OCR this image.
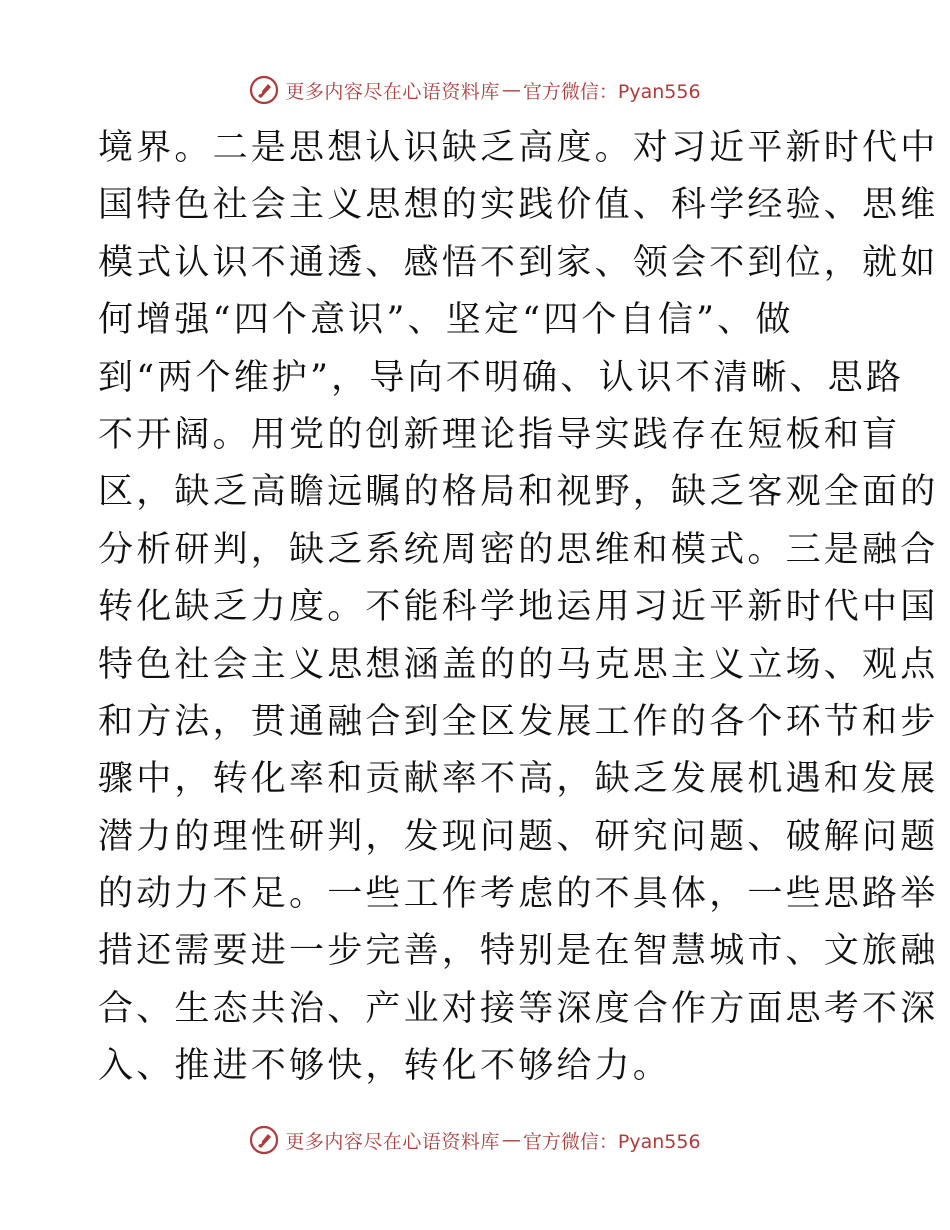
更多内容尽在心语资料库 — 官方微信：Pyan556
境界。二是思想认识缺乏高度。对习近平新时代中
国特色社会主义思想的实践价值、科学经验、思维
模式认识不通透、感悟不到家、领会不到位，就如
何增强“四个意识”、坚定“四个自信”、做
到“两个维护”，导向不明确、认识不清晰、思路
不开阔。用党的创新理论指导实践存在短板和盲
区，缺乏高瞻远瞩的格局和视野，缺乏客观全面的
分析研判，缺乏系统周密的思维和模式。三是融合
转化缺乏力度。不能科学地运用习近平新时代中国
特色社会主义思想涵盖的的马克思主义立场、观点
和方法，贯通融合到全区发展工作的各个环节和步
骤中，转化率和贡献率不高，缺乏发展机遇和发展
潜力的理性研判，发现问题、研究问题、破解问题
的动力不足。一些工作考虑的不具体，一些思路举
措还需要进一步完善，特别是在智慧城市、文旅融
合、生态共治、产业对接等深度合作方面思考不深
入、推进不够快，转化不够给力。
更多内容尽在心语资料库 — 官方微信：Pyan556
